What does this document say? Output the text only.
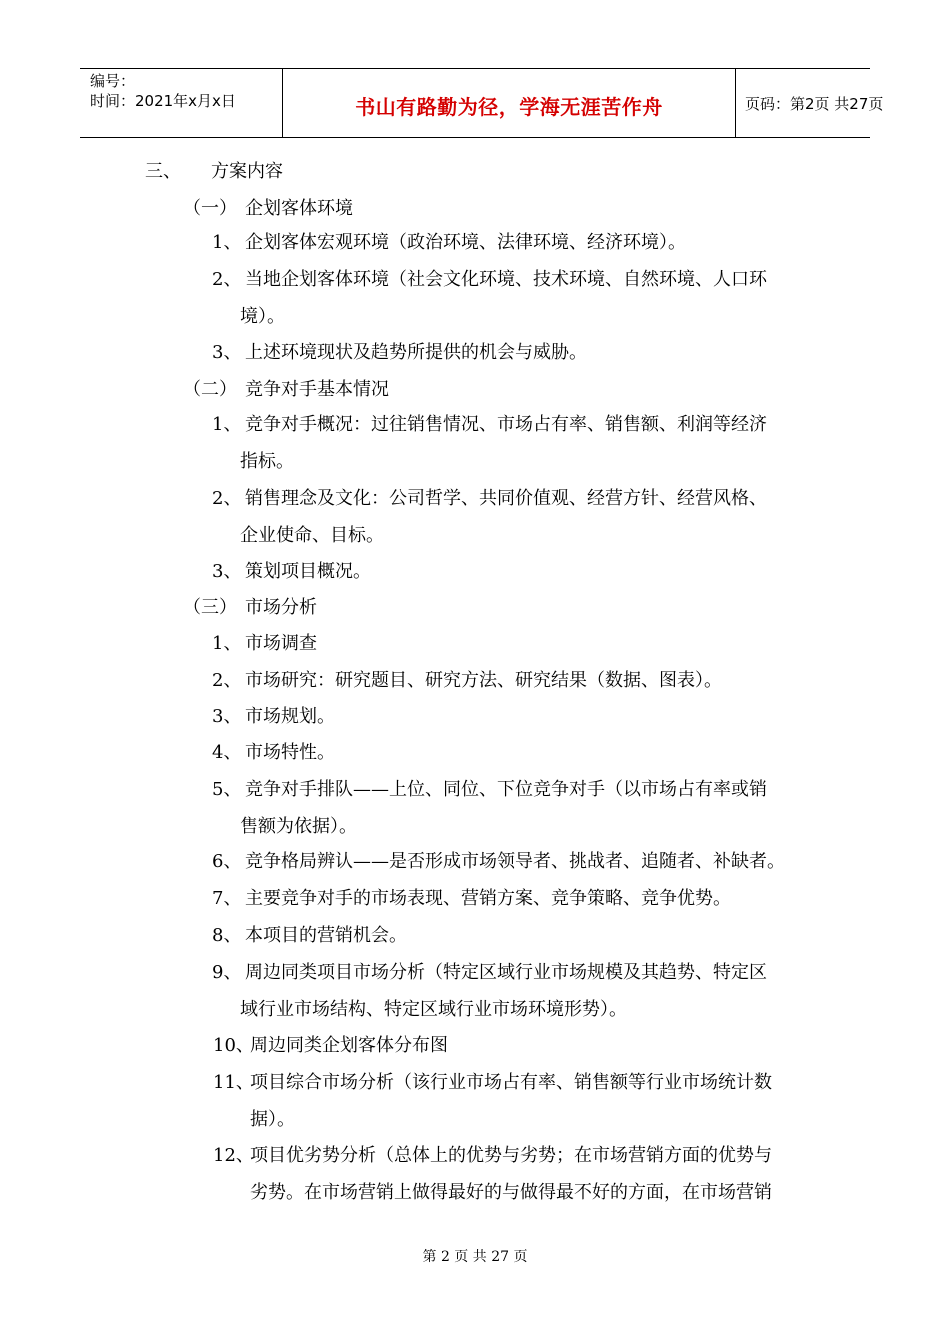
编号：
时间：2021年x月x日	书山有路勤为径，学海无涯苦作舟	页码：第2页 共27页
三、 方案内容
（一） 企划客体环境
1、 企划客体宏观环境（政治环境、法律环境、经济环境）。
2、 当地企划客体环境（社会文化环境、技术环境、自然环境、人口环
境）。
3、 上述环境现状及趋势所提供的机会与威胁。
（二） 竞争对手基本情况
1、 竞争对手概况：过往销售情况、市场占有率、销售额、利润等经济
指标。
2、 销售理念及文化：公司哲学、共同价值观、经营方针、经营风格、
企业使命、目标。
3、 策划项目概况。
（三） 市场分析
1、 市场调查
2、 市场研究：研究题目、研究方法、研究结果（数据、图表）。
3、 市场规划。
4、 市场特性。
5、 竞争对手排队——上位、同位、下位竞争对手（以市场占有率或销
售额为依据）。
6、 竞争格局辨认——是否形成市场领导者、挑战者、追随者、补缺者。
7、 主要竞争对手的市场表现、营销方案、竞争策略、竞争优势。
8、 本项目的营销机会。
9、 周边同类项目市场分析（特定区域行业市场规模及其趋势、特定区
域行业市场结构、特定区域行业市场环境形势）。
10、
周边同类企划客体分布图
11、
项目综合市场分析（该行业市场占有率、销售额等行业市场统计数
据）。
12、
项目优劣势分析（总体上的优势与劣势；在市场营销方面的优势与
劣势。在市场营销上做得最好的与做得最不好的方面，在市场营销
第 2 页 共 27 页
